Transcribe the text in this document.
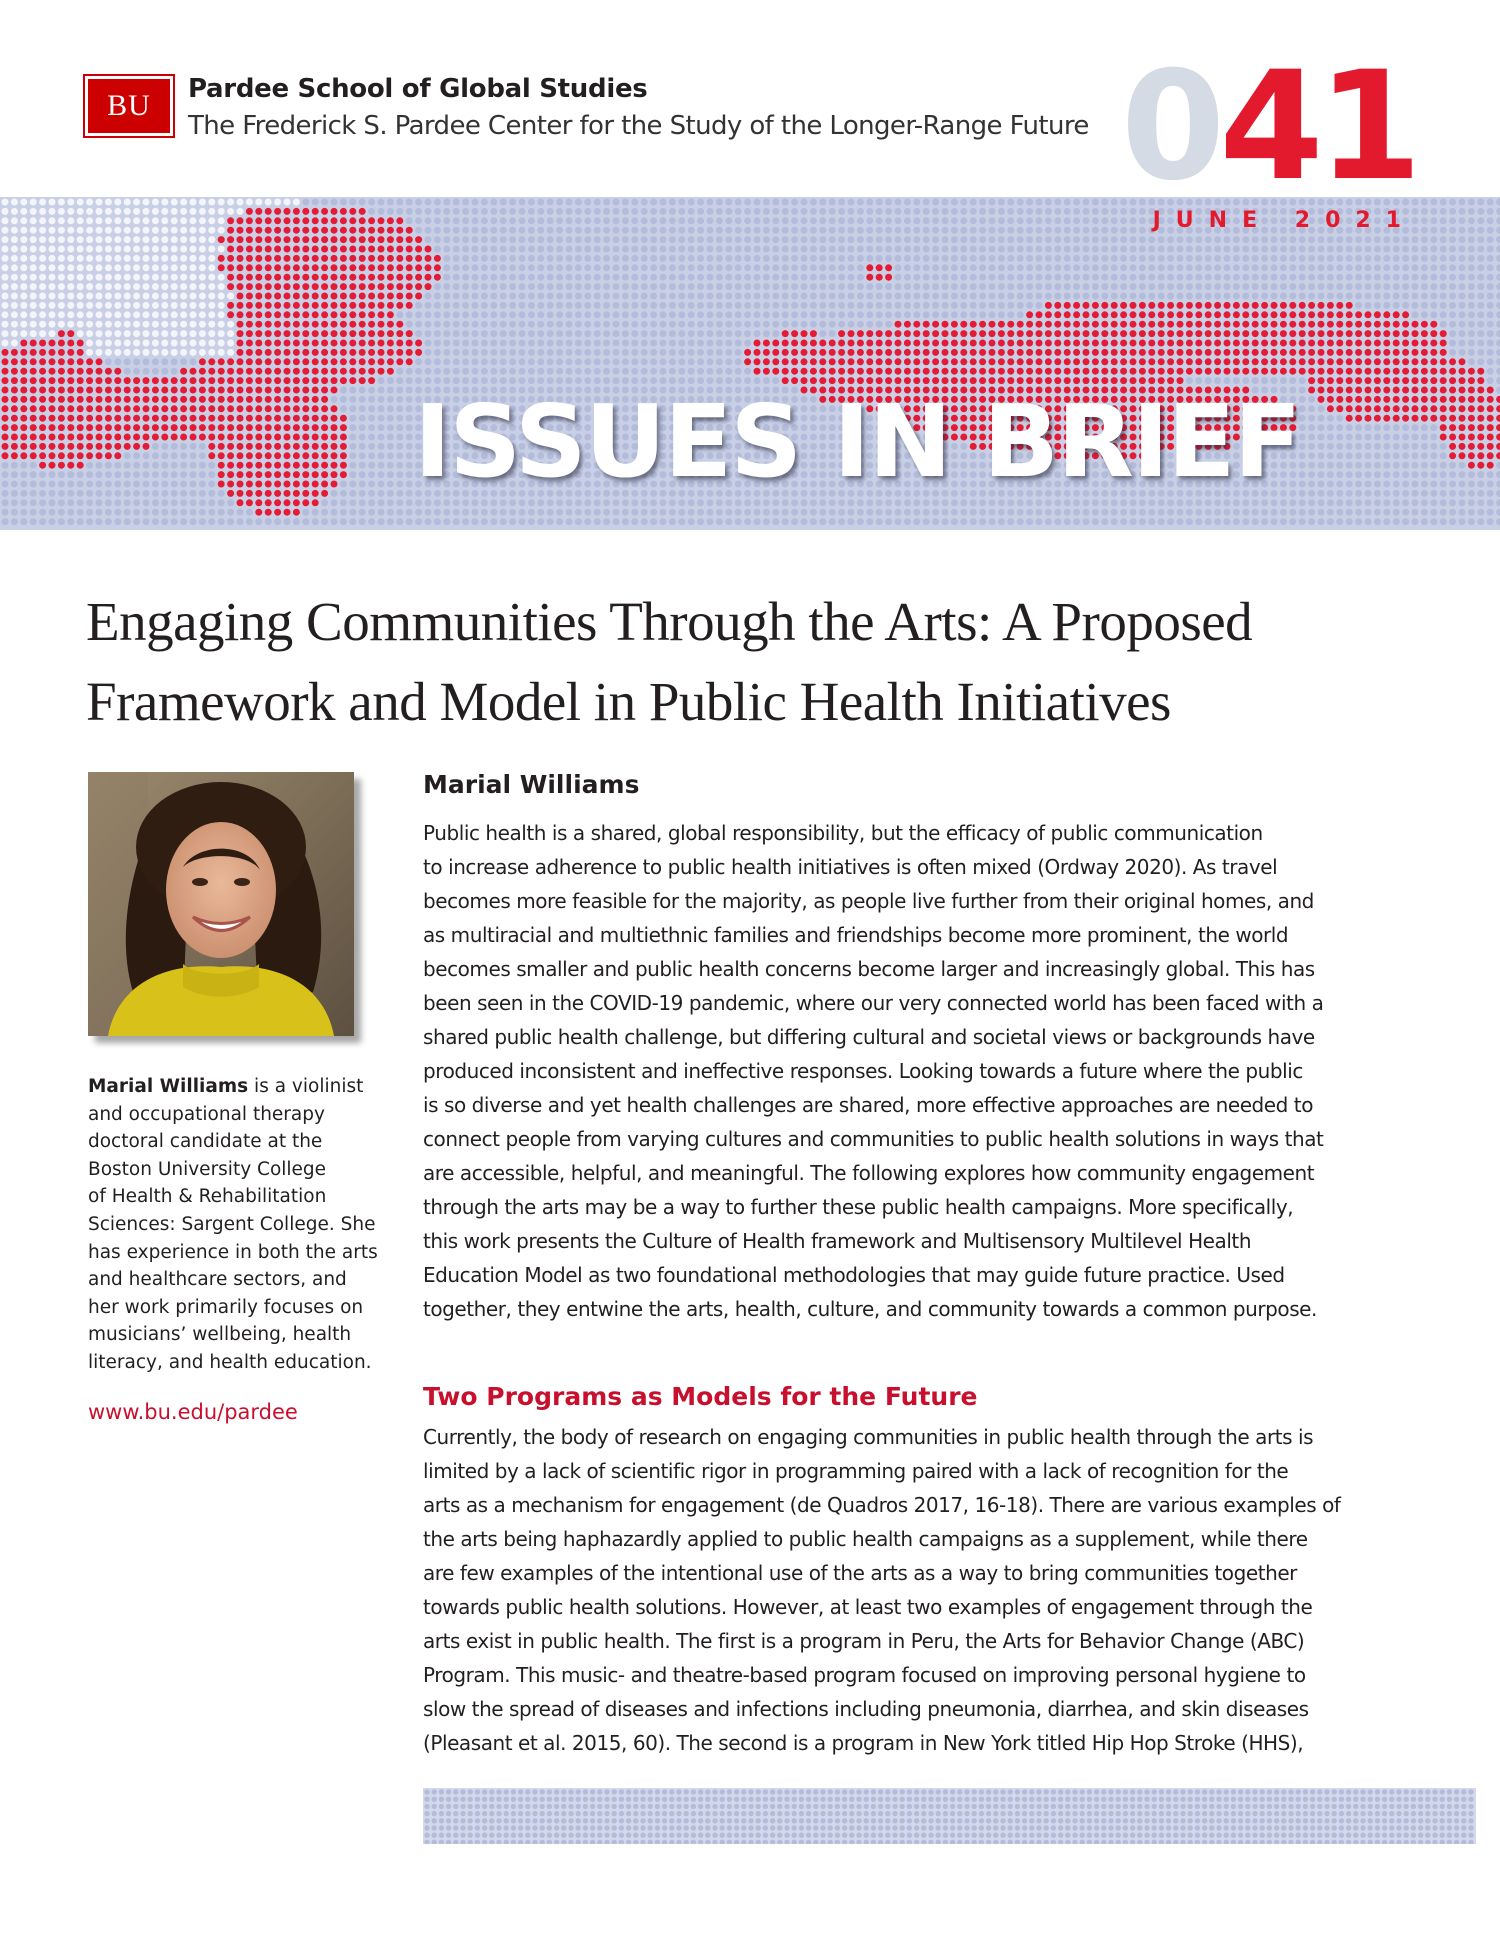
BU	Pardee School of Global Studies
The Frederick S. Pardee Center for the Study of the Longer-Range Future 041
JUNE 2021
ISSUES IN BRIEF
Engaging Communities Through the Arts: A Proposed
Framework and Model in Public Health Initiatives
Marial Williams is a violinist
and occupational therapy
doctoral candidate at the
Boston University College
of Health & Rehabilitation
Sciences: Sargent College. She
has experience in both the arts
and healthcare sectors, and
her work primarily focuses on
musicians’ wellbeing, health
literacy, and health education.
www.bu.edu/pardee
Marial Williams
Public health is a shared, global responsibility, but the efficacy of public communication
to increase adherence to public health initiatives is often mixed (Ordway 2020). As travel
becomes more feasible for the majority, as people live further from their original homes, and
as multiracial and multiethnic families and friendships become more prominent, the world
becomes smaller and public health concerns become larger and increasingly global. This has
been seen in the COVID-19 pandemic, where our very connected world has been faced with a
shared public health challenge, but differing cultural and societal views or backgrounds have
produced inconsistent and ineffective responses. Looking towards a future where the public
is so diverse and yet health challenges are shared, more effective approaches are needed to
connect people from varying cultures and communities to public health solutions in ways that
are accessible, helpful, and meaningful. The following explores how community engagement
through the arts may be a way to further these public health campaigns. More specifically,
this work presents the Culture of Health framework and Multisensory Multilevel Health
Education Model as two foundational methodologies that may guide future practice. Used
together, they entwine the arts, health, culture, and community towards a common purpose.
Two Programs as Models for the Future
Currently, the body of research on engaging communities in public health through the arts is
limited by a lack of scientific rigor in programming paired with a lack of recognition for the
arts as a mechanism for engagement (de Quadros 2017, 16-18). There are various examples of
the arts being haphazardly applied to public health campaigns as a supplement, while there
are few examples of the intentional use of the arts as a way to bring communities together
towards public health solutions. However, at least two examples of engagement through the
arts exist in public health. The first is a program in Peru, the Arts for Behavior Change (ABC)
Program. This music- and theatre-based program focused on improving personal hygiene to
slow the spread of diseases and infections including pneumonia, diarrhea, and skin diseases
(Pleasant et al. 2015, 60). The second is a program in New York titled Hip Hop Stroke (HHS),
